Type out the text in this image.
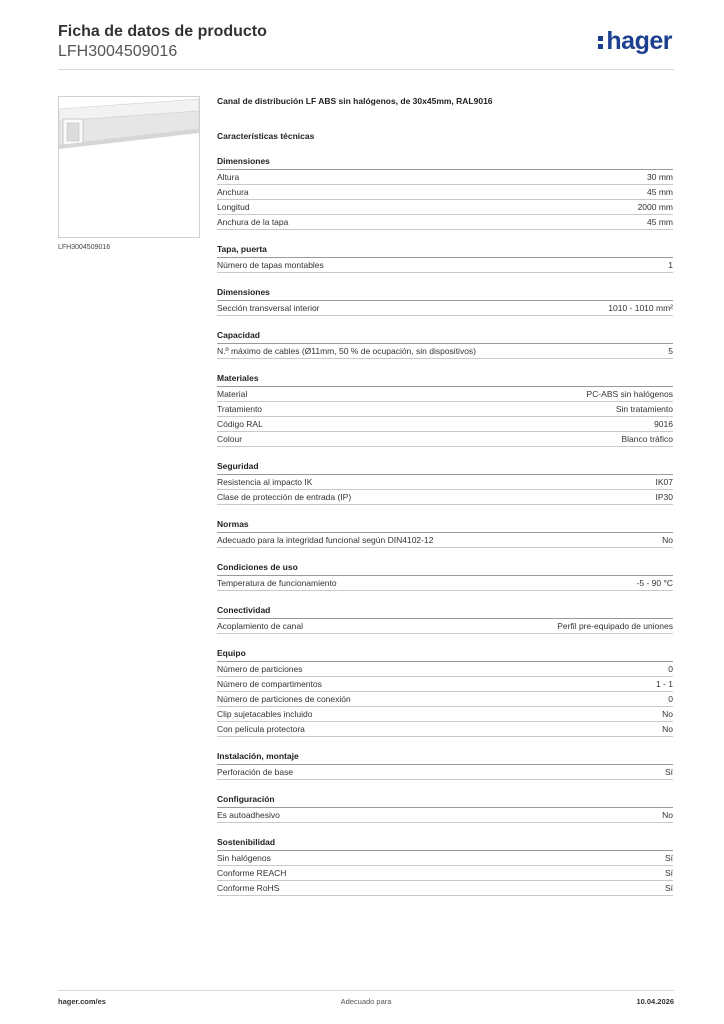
Ficha de datos de producto
LFH3004509016	hager
LFH3004509016
Canal de distribución LF ABS sin halógenos, de 30x45mm, RAL9016
Características técnicas
Dimensiones
Altura	30 mm
Anchura	45 mm
Longitud	2000 mm
Anchura de la tapa	45 mm
Tapa, puerta
Número de tapas montables	1
Dimensiones
Sección transversal interior	1010 - 1010 mm²
Capacidad
N.º máximo de cables (Ø11mm, 50 % de ocupación, sin dispositivos)	5
Materiales
Material	PC-ABS sin halógenos
Tratamiento	Sin tratamiento
Código RAL	9016
Colour	Blanco tráfico
Seguridad
Resistencia al impacto IK	IK07
Clase de protección de entrada (IP)	IP30
Normas
Adecuado para la integridad funcional según DIN4102-12	No
Condiciones de uso
Temperatura de funcionamiento	-5 - 90 °C
Conectividad
Acoplamiento de canal	Perfil pre-equipado de uniones
Equipo
Número de particiones	0
Número de compartimentos	1 - 1
Número de particiones de conexión	0
Clip sujetacables incluido	No
Con película protectora	No
Instalación, montaje
Perforación de base	Sí
Configuración
Es autoadhesivo	No
Sostenibilidad
Sin halógenos	Sí
Conforme REACH	Sí
Conforme RoHS	Sí
hager.com/es	Adecuado para	10.04.2026
